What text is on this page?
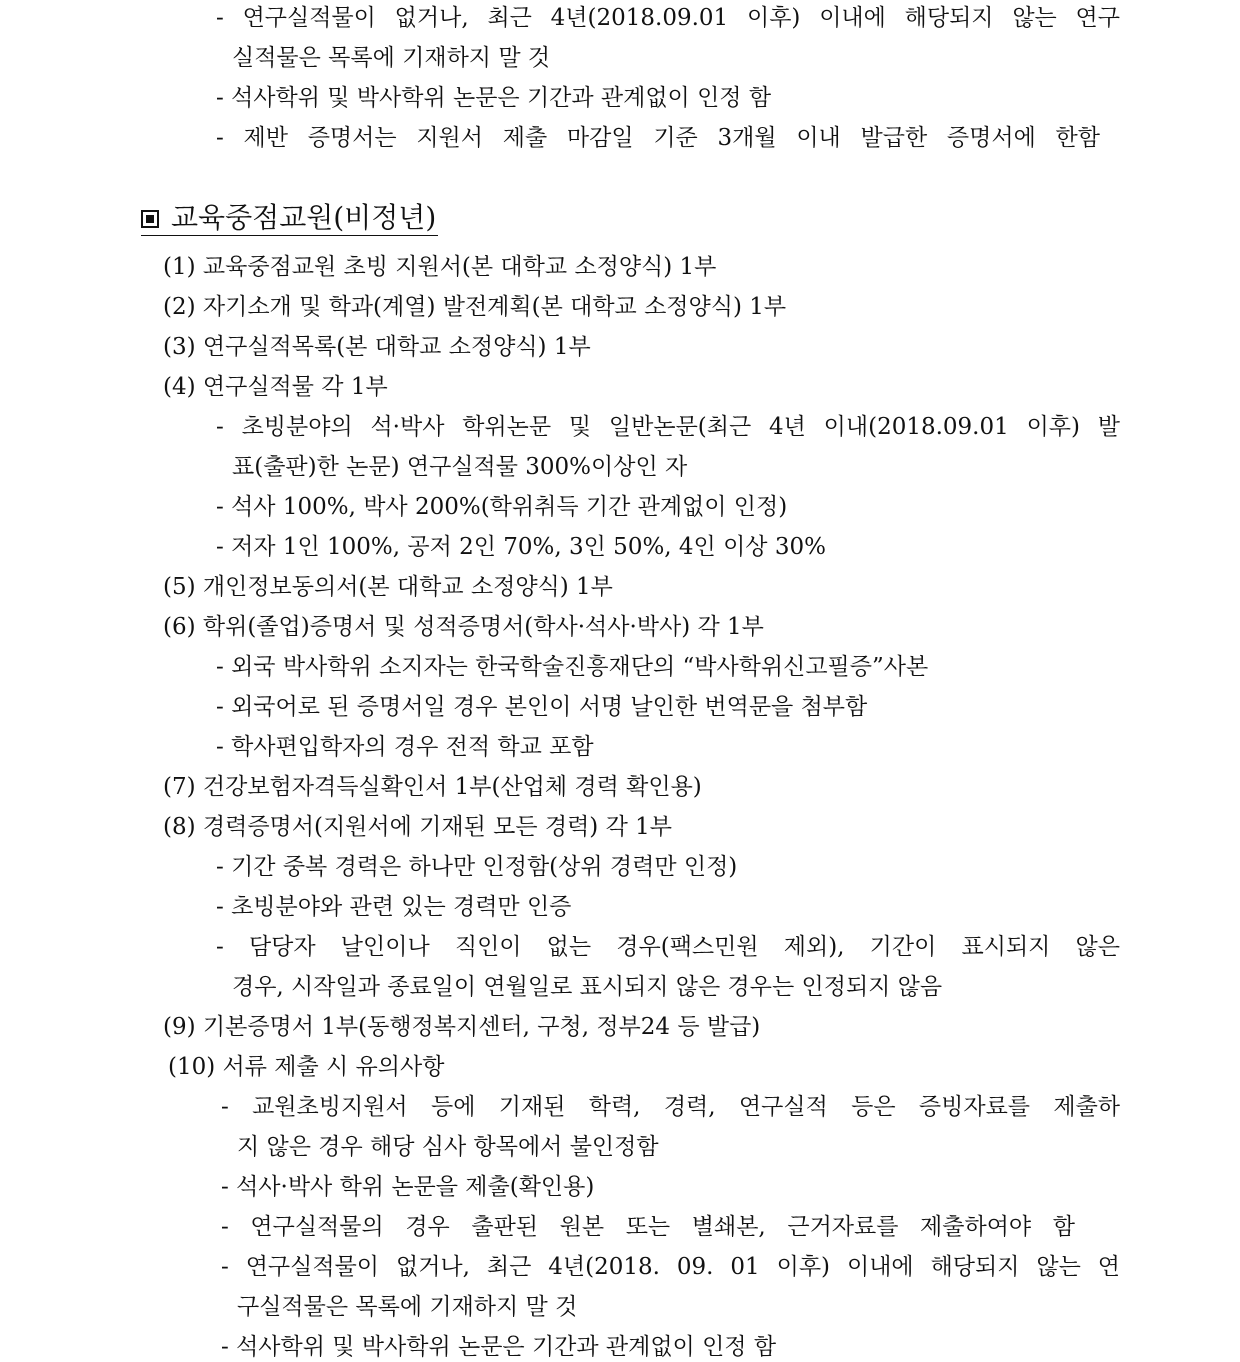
- 연구실적물이 없거나, 최근 4년(2018.09.01 이후) 이내에 해당되지 않는 연구
실적물은 목록에 기재하지 말 것
- 석사학위 및 박사학위 논문은 기간과 관계없이 인정 함
- 제반 증명서는 지원서 제출 마감일 기준 3개월 이내 발급한 증명서에 한함
교육중점교원(비정년)
(1) 교육중점교원 초빙 지원서(본 대학교 소정양식) 1부
(2) 자기소개 및 학과(계열) 발전계획(본 대학교 소정양식) 1부
(3) 연구실적목록(본 대학교 소정양식) 1부
(4) 연구실적물 각 1부
- 초빙분야의 석·박사 학위논문 및 일반논문(최근 4년 이내(2018.09.01 이후) 발
표(출판)한 논문) 연구실적물 300%이상인 자
- 석사 100%, 박사 200%(학위취득 기간 관계없이 인정)
- 저자 1인 100%, 공저 2인 70%, 3인 50%, 4인 이상 30%
(5) 개인정보동의서(본 대학교 소정양식) 1부
(6) 학위(졸업)증명서 및 성적증명서(학사·석사·박사) 각 1부
- 외국 박사학위 소지자는 한국학술진흥재단의 “박사학위신고필증”사본
- 외국어로 된 증명서일 경우 본인이 서명 날인한 번역문을 첨부함
- 학사편입학자의 경우 전적 학교 포함
(7) 건강보험자격득실확인서 1부(산업체 경력 확인용)
(8) 경력증명서(지원서에 기재된 모든 경력) 각 1부
- 기간 중복 경력은 하나만 인정함(상위 경력만 인정)
- 초빙분야와 관련 있는 경력만 인증
- 담당자 날인이나 직인이 없는 경우(팩스민원 제외), 기간이 표시되지 않은
경우, 시작일과 종료일이 연월일로 표시되지 않은 경우는 인정되지 않음
(9) 기본증명서 1부(동행정복지센터, 구청, 정부24 등 발급)
(10) 서류 제출 시 유의사항
- 교원초빙지원서 등에 기재된 학력, 경력, 연구실적 등은 증빙자료를 제출하
지 않은 경우 해당 심사 항목에서 불인정함
- 석사·박사 학위 논문을 제출(확인용)
- 연구실적물의 경우 출판된 원본 또는 별쇄본, 근거자료를 제출하여야 함
- 연구실적물이 없거나, 최근 4년(2018. 09. 01 이후) 이내에 해당되지 않는 연
구실적물은 목록에 기재하지 말 것
- 석사학위 및 박사학위 논문은 기간과 관계없이 인정 함
